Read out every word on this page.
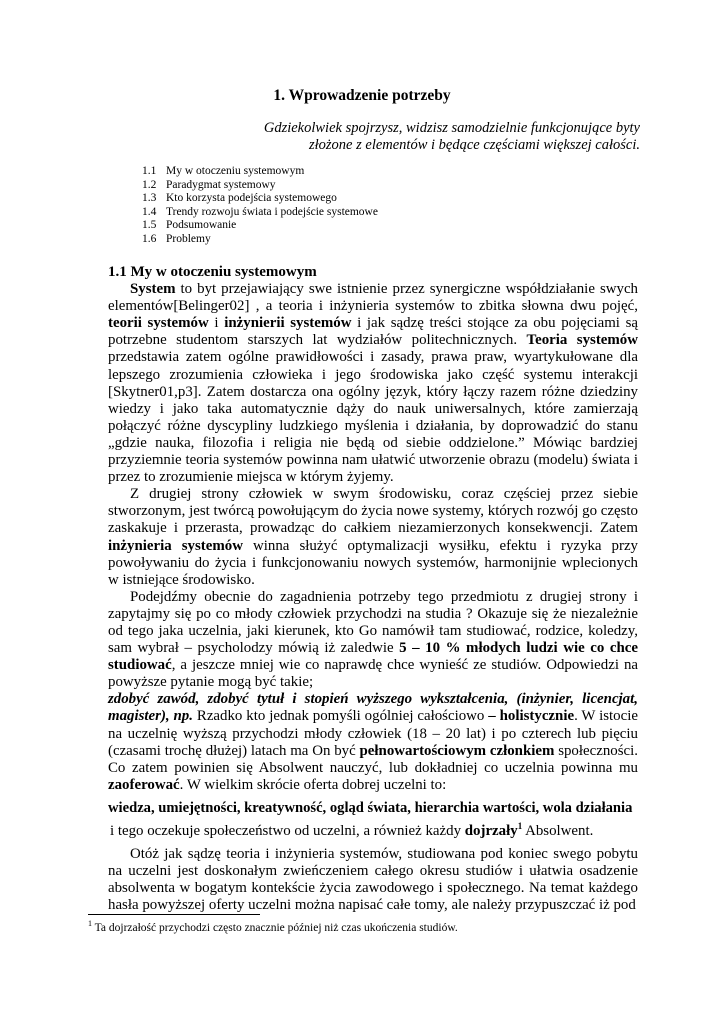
1. Wprowadzenie potrzeby
Gdziekolwiek spojrzysz, widzisz samodzielnie funkcjonujące byty
złożone z elementów i będące częściami większej całości.
1.1 My w otoczeniu systemowym
1.2 Paradygmat systemowy
1.3 Kto korzysta podejścia systemowego
1.4 Trendy rozwoju świata i podejście systemowe
1.5 Podsumowanie
1.6 Problemy
1.1 My w otoczeniu systemowym

System to byt przejawiający swe istnienie przez synergiczne współdziałanie swych elementów[Belinger02] , a teoria i inżynieria systemów to zbitka słowna dwu pojęć, teorii systemów i inżynierii systemów i jak sądzę treści stojące za obu pojęciami są potrzebne studentom starszych lat wydziałów politechnicznych. Teoria systemów przedstawia zatem ogólne prawidłowości i zasady, prawa praw, wyartykułowane dla lepszego zrozumienia człowieka i jego środowiska jako część systemu interakcji [Skytner01,p3]. Zatem dostarcza ona ogólny język, który łączy razem różne dziedziny wiedzy i jako taka automatycznie dąży do nauk uniwersalnych, które zamierzają połączyć różne dyscypliny ludzkiego myślenia i działania, by doprowadzić do stanu „gdzie nauka, filozofia i religia nie będą od siebie oddzielone.” Mówiąc bardziej przyziemnie teoria systemów powinna nam ułatwić utworzenie obrazu (modelu) świata i przez to zrozumienie miejsca w którym żyjemy.

Z drugiej strony człowiek w swym środowisku, coraz częściej przez siebie stworzonym, jest twórcą powołującym do życia nowe systemy, których rozwój go często zaskakuje i przerasta, prowadząc do całkiem niezamierzonych konsekwencji. Zatem inżynieria systemów winna służyć optymalizacji wysiłku, efektu i ryzyka przy powoływaniu do życia i funkcjonowaniu nowych systemów, harmonijnie wplecionych w istniejące środowisko.

Podejdźmy obecnie do zagadnienia potrzeby tego przedmiotu z drugiej strony i zapytajmy się po co młody człowiek przychodzi na studia ? Okazuje się że niezależnie od tego jaka uczelnia, jaki kierunek, kto Go namówił tam studiować, rodzice, koledzy, sam wybrał – psycholodzy mówią iż zaledwie 5 – 10 % młodych ludzi wie co chce studiować, a jeszcze mniej wie co naprawdę chce wynieść ze studiów. Odpowiedzi na powyższe pytanie mogą być takie;

zdobyć zawód, zdobyć tytuł i stopień wyższego wykształcenia, (inżynier, licencjat, magister), np. Rzadko kto jednak pomyśli ogólniej całościowo – holistycznie. W istocie na uczelnię wyższą przychodzi młody człowiek (18 – 20 lat) i po czterech lub pięciu (czasami trochę dłużej) latach ma On być pełnowartościowym członkiem społeczności. Co zatem powinien się Absolwent nauczyć, lub dokładniej co uczelnia powinna mu zaoferować. W wielkim skrócie oferta dobrej uczelni to:

wiedza, umiejętności, kreatywność, ogląd świata, hierarchia wartości, wola działania
i tego oczekuje społeczeństwo od uczelni, a również każdy dojrzały$^1$ Absolwent.

Otóż jak sądzę teoria i inżynieria systemów, studiowana pod koniec swego pobytu na uczelni jest doskonałym zwieńczeniem całego okresu studiów i ułatwia osadzenie absolwenta w bogatym kontekście życia zawodowego i społecznego. Na temat każdego hasła powyższej oferty uczelni można napisać całe tomy, ale należy przypuszczać iż pod

$^1$ Ta dojrzałość przychodzi często znacznie później niż czas ukończenia studiów.
